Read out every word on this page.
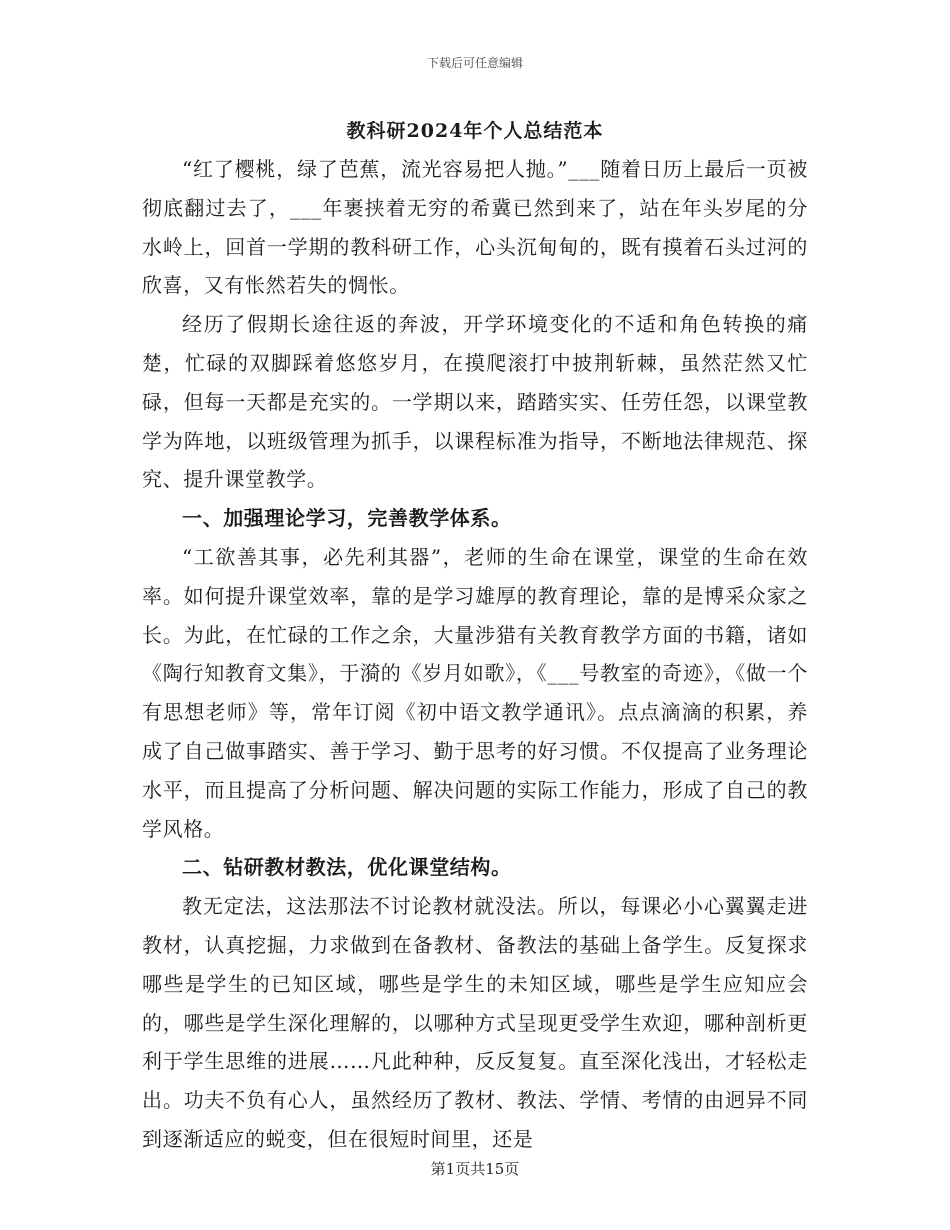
下载后可任意编辑
教科研2024年个人总结范本

“红了樱桃，绿了芭蕉，流光容易把人抛。”___随着日历上最后一页被彻底翻过去了，___年裹挟着无穷的希冀已然到来了，站在年头岁尾的分水岭上，回首一学期的教科研工作，心头沉甸甸的，既有摸着石头过河的欣喜，又有怅然若失的惆怅。

经历了假期长途往返的奔波，开学环境变化的不适和角色转换的痛楚，忙碌的双脚踩着悠悠岁月，在摸爬滚打中披荆斩棘，虽然茫然又忙碌，但每一天都是充实的。一学期以来，踏踏实实、任劳任怨，以课堂教学为阵地，以班级管理为抓手，以课程标准为指导，不断地法律规范、探究、提升课堂教学。

一、加强理论学习，完善教学体系。

“工欲善其事，必先利其器”，老师的生命在课堂，课堂的生命在效率。如何提升课堂效率，靠的是学习雄厚的教育理论，靠的是博采众家之长。为此，在忙碌的工作之余，大量涉猎有关教育教学方面的书籍，诸如《陶行知教育文集》，于漪的《岁月如歌》，《___号教室的奇迹》，《做一个有思想老师》等，常年订阅《初中语文教学通讯》。点点滴滴的积累，养成了自己做事踏实、善于学习、勤于思考的好习惯。不仅提高了业务理论水平，而且提高了分析问题、解决问题的实际工作能力，形成了自己的教学风格。

二、钻研教材教法，优化课堂结构。

教无定法，这法那法不讨论教材就没法。所以，每课必小心翼翼走进教材，认真挖掘，力求做到在备教材、备教法的基础上备学生。反复探求哪些是学生的已知区域，哪些是学生的未知区域，哪些是学生应知应会的，哪些是学生深化理解的，以哪种方式呈现更受学生欢迎，哪种剖析更利于学生思维的进展……凡此种种，反反复复。直至深化浅出，才轻松走出。功夫不负有心人，虽然经历了教材、教法、学情、考情的由迥异不同到逐渐适应的蜕变，但在很短时间里，还是

第1页共15页
